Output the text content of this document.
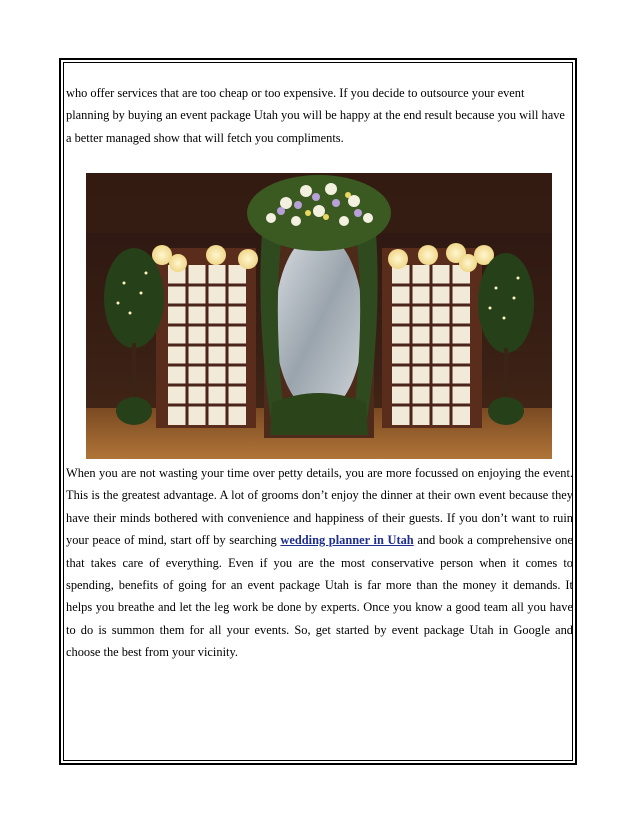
who offer services that are too cheap or too expensive. If you decide to outsource your event
planning by buying an event package Utah you will be happy at the end result because you will have
a better managed show that will fetch you compliments.

When you are not wasting your time over petty details, you are more focussed on enjoying the event.
This is the greatest advantage. A lot of grooms don’t enjoy the dinner at their own event because they
have their minds bothered with convenience and happiness of their guests. If you don’t want to ruin
your peace of mind, start off by searching wedding planner in Utah and book a comprehensive one
that takes care of everything. Even if you are the most conservative person when it comes to
spending, benefits of going for an event package Utah is far more than the money it demands. It
helps you breathe and let the leg work be done by experts. Once you know a good team all you have
to do is summon them for all your events. So, get started by event package Utah in Google and
choose the best from your vicinity.
